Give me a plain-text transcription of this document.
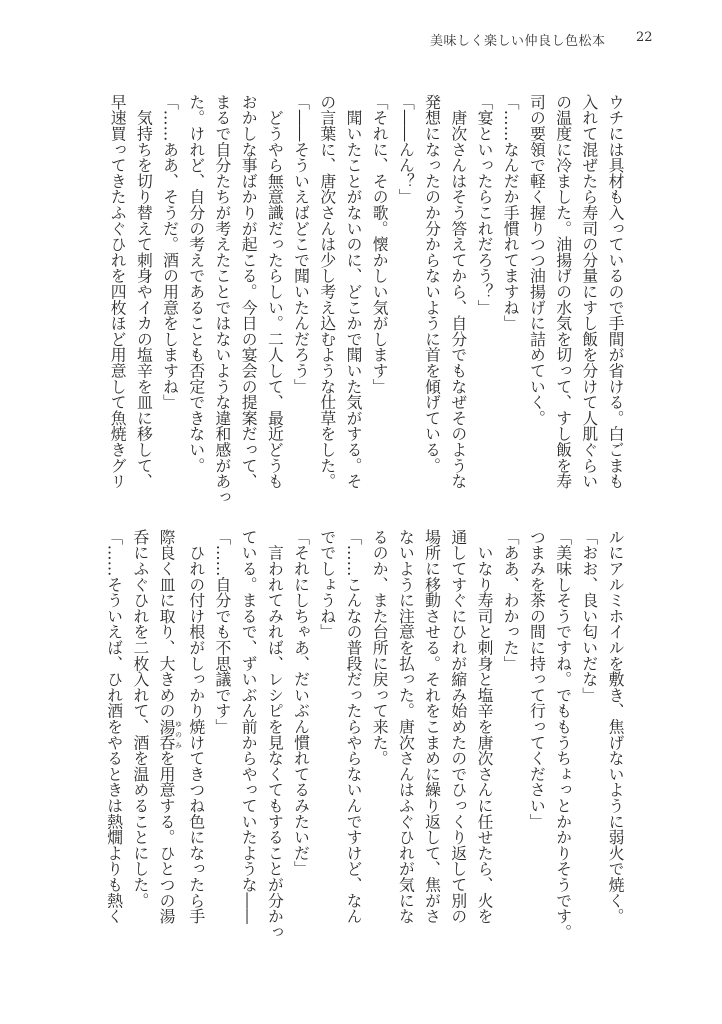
美味しく楽しい仲良し色松本 22
ウチには具材も入っているので手間が省ける。白ごまも
入れて混ぜたら寿司の分量にすし飯を分けて人肌ぐらい
の温度に冷ました。油揚げの水気を切って、すし飯を寿
司の要領で軽く握りつつ油揚げに詰めていく。
「……なんだか手慣れてますね」
「宴といったらこれだろう？」
　唐次さんはそう答えてから、自分でもなぜそのような
発想になったのか分からないように首を傾げている。
「――んん？」
「それに、その歌。懐かしい気がします」
　聞いたことがないのに、どこかで聞いた気がする。そ
の言葉に、唐次さんは少し考え込むような仕草をした。
「――そういえばどこで聞いたんだろう」
　どうやら無意識だったらしい。二人して、最近どうも
おかしな事ばかりが起こる。今日の宴会の提案だって、
まるで自分たちが考えたことではないような違和感があっ
た。けれど、自分の考えであることも否定できない。
「……ああ、そうだ。酒の用意をしますね」
　気持ちを切り替えて刺身やイカの塩辛を皿に移して、
早速買ってきたふぐひれを四枚ほど用意して魚焼きグリ
ルにアルミホイルを敷き、焦げないように弱火で焼く。
「おお、良い匂いだな」
「美味しそうですね。でももうちょっとかかりそうです。
つまみを茶の間に持って行ってください」
「ああ、わかった」
　いなり寿司と刺身と塩辛を唐次さんに任せたら、火を
通してすぐにひれが縮み始めたのでひっくり返して別の
場所に移動させる。それをこまめに繰り返して、焦がさ
ないように注意を払った。唐次さんはふぐひれが気にな
るのか、また台所に戻って来た。
「……こんなの普段だったらやらないんですけど、なん
ででしょうね」
「それにしちゃあ、だいぶん慣れてるみたいだ」
　言われてみれば、レシピを見なくてもすることが分かっ
ている。まるで、ずいぶん前からやっていたような――
「……自分でも不思議です」
　ひれの付け根がしっかり焼けてきつね色になったら手
際良く皿に取り、大きめの湯呑ゆのみを用意する。ひとつの湯
呑にふぐひれを二枚入れて、酒を温めることにした。
「……そういえば、ひれ酒をやるときは熱燗よりも熱く
